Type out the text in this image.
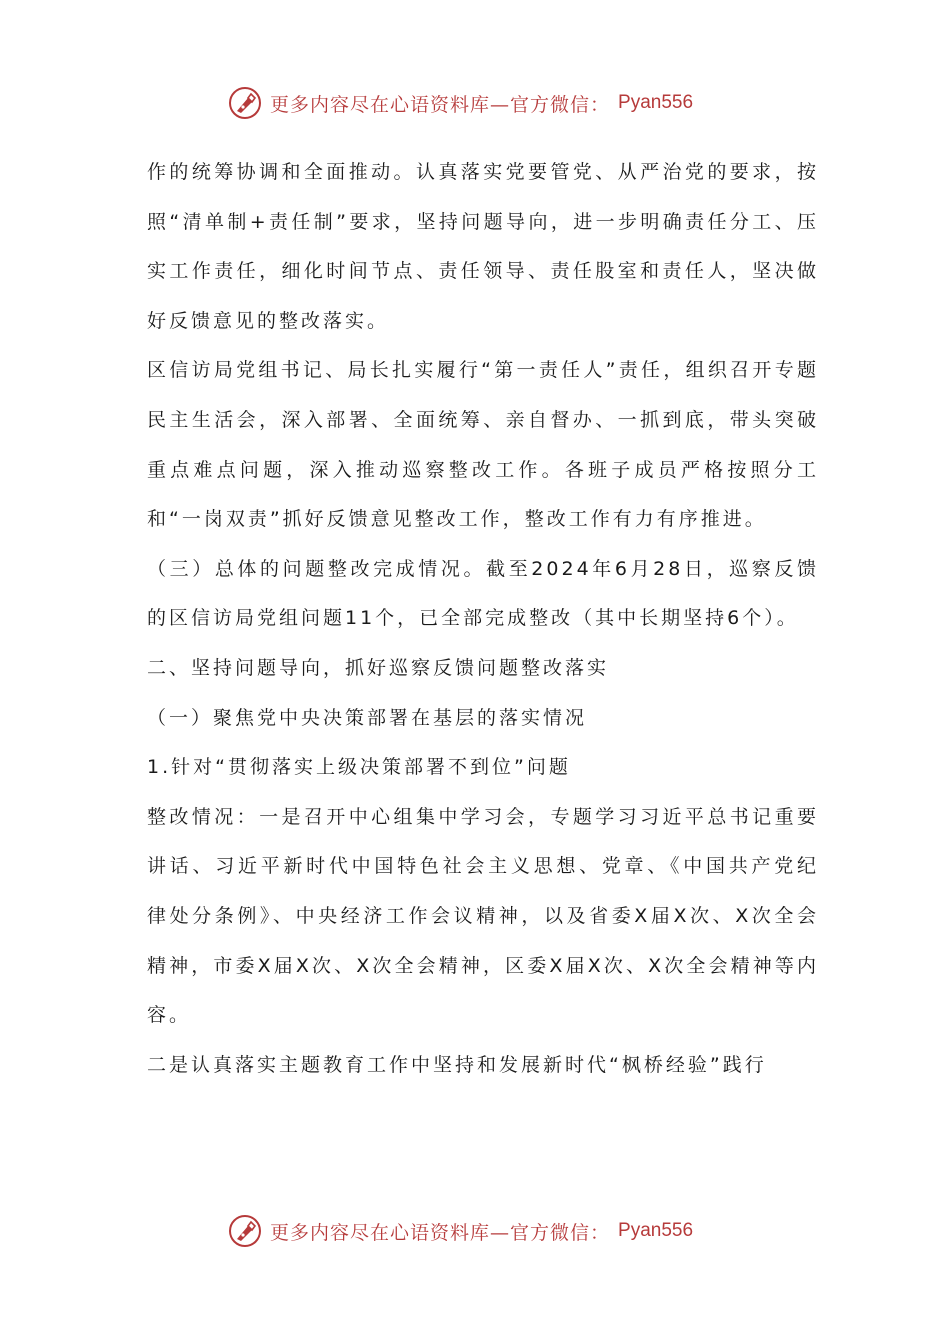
更多内容尽在心语资料库—官方微信： Pyan556

作的统筹协调和全面推动。认真落实党要管党、从严治党的要求，按照“清单制+责任制”要求，坚持问题导向，进一步明确责任分工、压实工作责任，细化时间节点、责任领导、责任股室和责任人，坚决做好反馈意见的整改落实。

区信访局党组书记、局长扎实履行“第一责任人”责任，组织召开专题民主生活会，深入部署、全面统筹、亲自督办、一抓到底，带头突破重点难点问题，深入推动巡察整改工作。各班子成员严格按照分工和“一岗双责”抓好反馈意见整改工作，整改工作有力有序推进。

（三）总体的问题整改完成情况。截至2024年6月28日，巡察反馈的区信访局党组问题11个，已全部完成整改（其中长期坚持6个）。

二、坚持问题导向，抓好巡察反馈问题整改落实

（一）聚焦党中央决策部署在基层的落实情况

1.针对“贯彻落实上级决策部署不到位”问题

整改情况：一是召开中心组集中学习会，专题学习习近平总书记重要讲话、习近平新时代中国特色社会主义思想、党章、《中国共产党纪律处分条例》、中央经济工作会议精神，以及省委X届X次、X次全会精神，市委X届X次、X次全会精神，区委X届X次、X次全会精神等内容。

二是认真落实主题教育工作中坚持和发展新时代“枫桥经验”践行

更多内容尽在心语资料库—官方微信： Pyan556
